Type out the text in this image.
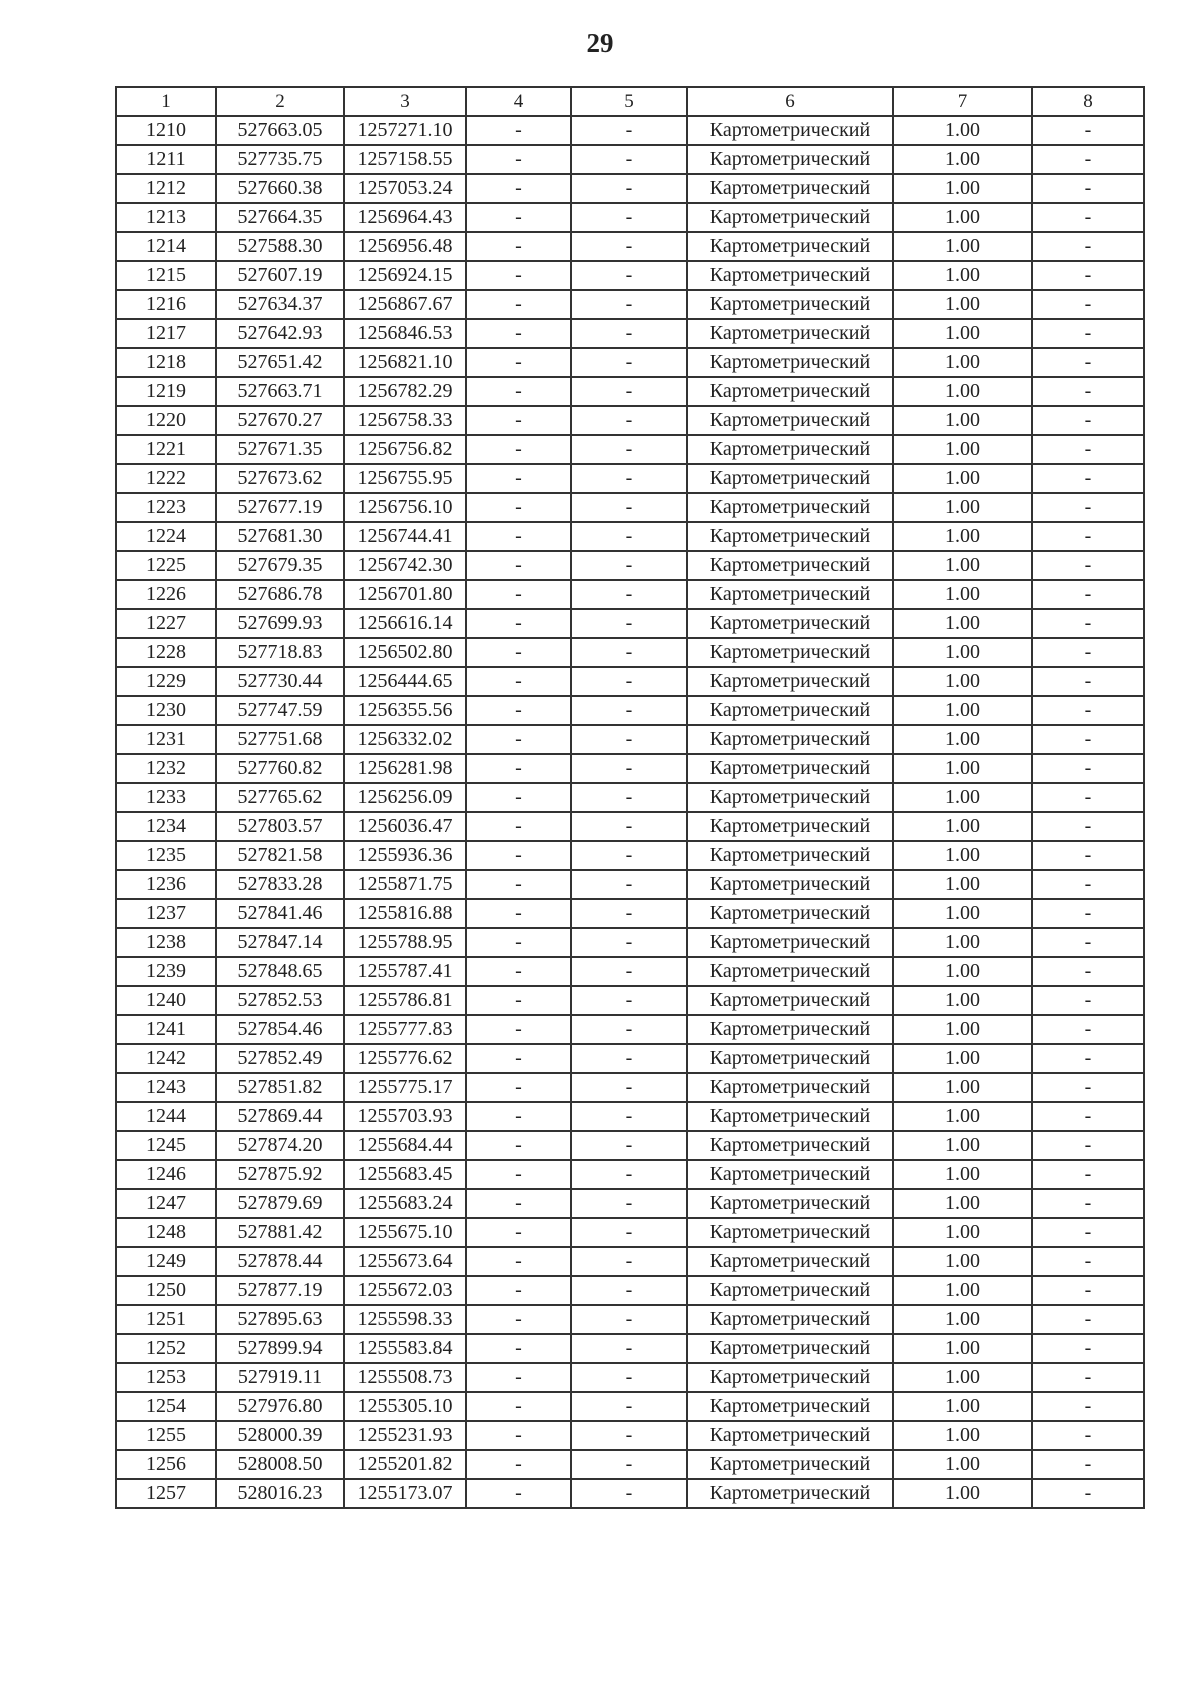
29
1	2	3	4	5	6	7	8
1210	527663.05	1257271.10	-	-	Картометрический	1.00	-
1211	527735.75	1257158.55	-	-	Картометрический	1.00	-
1212	527660.38	1257053.24	-	-	Картометрический	1.00	-
1213	527664.35	1256964.43	-	-	Картометрический	1.00	-
1214	527588.30	1256956.48	-	-	Картометрический	1.00	-
1215	527607.19	1256924.15	-	-	Картометрический	1.00	-
1216	527634.37	1256867.67	-	-	Картометрический	1.00	-
1217	527642.93	1256846.53	-	-	Картометрический	1.00	-
1218	527651.42	1256821.10	-	-	Картометрический	1.00	-
1219	527663.71	1256782.29	-	-	Картометрический	1.00	-
1220	527670.27	1256758.33	-	-	Картометрический	1.00	-
1221	527671.35	1256756.82	-	-	Картометрический	1.00	-
1222	527673.62	1256755.95	-	-	Картометрический	1.00	-
1223	527677.19	1256756.10	-	-	Картометрический	1.00	-
1224	527681.30	1256744.41	-	-	Картометрический	1.00	-
1225	527679.35	1256742.30	-	-	Картометрический	1.00	-
1226	527686.78	1256701.80	-	-	Картометрический	1.00	-
1227	527699.93	1256616.14	-	-	Картометрический	1.00	-
1228	527718.83	1256502.80	-	-	Картометрический	1.00	-
1229	527730.44	1256444.65	-	-	Картометрический	1.00	-
1230	527747.59	1256355.56	-	-	Картометрический	1.00	-
1231	527751.68	1256332.02	-	-	Картометрический	1.00	-
1232	527760.82	1256281.98	-	-	Картометрический	1.00	-
1233	527765.62	1256256.09	-	-	Картометрический	1.00	-
1234	527803.57	1256036.47	-	-	Картометрический	1.00	-
1235	527821.58	1255936.36	-	-	Картометрический	1.00	-
1236	527833.28	1255871.75	-	-	Картометрический	1.00	-
1237	527841.46	1255816.88	-	-	Картометрический	1.00	-
1238	527847.14	1255788.95	-	-	Картометрический	1.00	-
1239	527848.65	1255787.41	-	-	Картометрический	1.00	-
1240	527852.53	1255786.81	-	-	Картометрический	1.00	-
1241	527854.46	1255777.83	-	-	Картометрический	1.00	-
1242	527852.49	1255776.62	-	-	Картометрический	1.00	-
1243	527851.82	1255775.17	-	-	Картометрический	1.00	-
1244	527869.44	1255703.93	-	-	Картометрический	1.00	-
1245	527874.20	1255684.44	-	-	Картометрический	1.00	-
1246	527875.92	1255683.45	-	-	Картометрический	1.00	-
1247	527879.69	1255683.24	-	-	Картометрический	1.00	-
1248	527881.42	1255675.10	-	-	Картометрический	1.00	-
1249	527878.44	1255673.64	-	-	Картометрический	1.00	-
1250	527877.19	1255672.03	-	-	Картометрический	1.00	-
1251	527895.63	1255598.33	-	-	Картометрический	1.00	-
1252	527899.94	1255583.84	-	-	Картометрический	1.00	-
1253	527919.11	1255508.73	-	-	Картометрический	1.00	-
1254	527976.80	1255305.10	-	-	Картометрический	1.00	-
1255	528000.39	1255231.93	-	-	Картометрический	1.00	-
1256	528008.50	1255201.82	-	-	Картометрический	1.00	-
1257	528016.23	1255173.07	-	-	Картометрический	1.00	-
